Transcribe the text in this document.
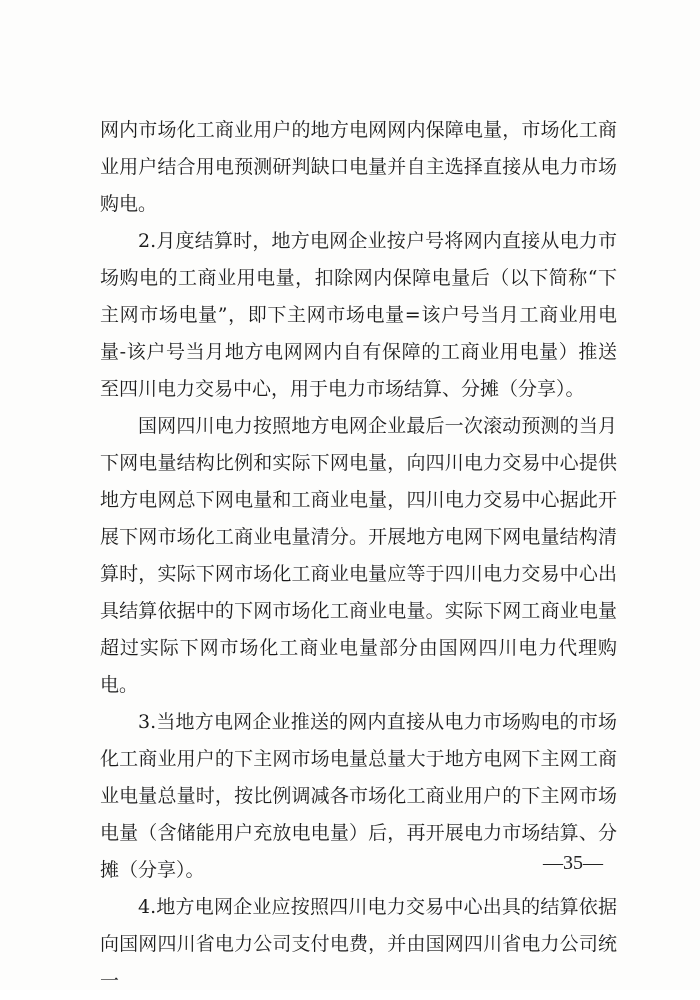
网内市场化工商业用户的地方电网网内保障电量，市场化工商业用户结合用电预测研判缺口电量并自主选择直接从电力市场购电。

2.月度结算时，地方电网企业按户号将网内直接从电力市场购电的工商业用电量，扣除网内保障电量后（以下简称“下主网市场电量”，即下主网市场电量=该户号当月工商业用电量-该户号当月地方电网网内自有保障的工商业用电量）推送至四川电力交易中心，用于电力市场结算、分摊（分享）。

国网四川电力按照地方电网企业最后一次滚动预测的当月下网电量结构比例和实际下网电量，向四川电力交易中心提供地方电网总下网电量和工商业电量，四川电力交易中心据此开展下网市场化工商业电量清分。开展地方电网下网电量结构清算时，实际下网市场化工商业电量应等于四川电力交易中心出具结算依据中的下网市场化工商业电量。实际下网工商业电量超过实际下网市场化工商业电量部分由国网四川电力代理购电。

3.当地方电网企业推送的网内直接从电力市场购电的市场化工商业用户的下主网市场电量总量大于地方电网下主网工商业电量总量时，按比例调减各市场化工商业用户的下主网市场电量（含储能用户充放电电量）后，再开展电力市场结算、分摊（分享）。

4.地方电网企业应按照四川电力交易中心出具的结算依据向国网四川省电力公司支付电费，并由国网四川省电力公司统一

—35—
